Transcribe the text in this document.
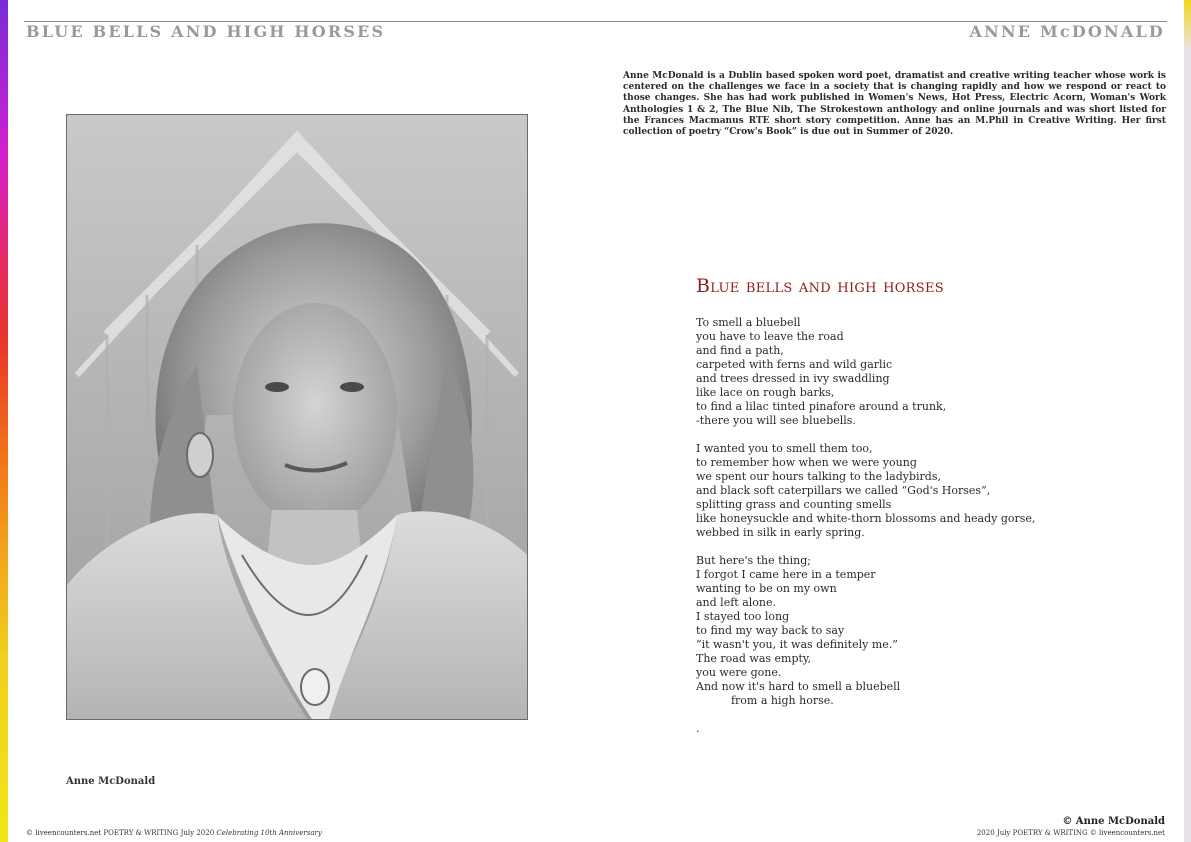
BLUE BELLS AND HIGH HORSES	ANNE McDONALD
Anne McDonald
Anne McDonald is a Dublin based spoken word poet, dramatist and creative writing teacher whose work is centered on the challenges we face in a society that is changing rapidly and how we respond or react to those changes. She has had work published in Women's News, Hot Press, Electric Acorn, Woman's Work Anthologies 1 & 2, The Blue Nib, The Strokestown anthology and online journals and was short listed for the Frances Macmanus RTE short story competition. Anne has an M.Phil in Creative Writing. Her first collection of poetry “Crow's Book” is due out in Summer of 2020.
Blue bells and high horses
To smell a bluebell
you have to leave the road
and find a path,
carpeted with ferns and wild garlic
and trees dressed in ivy swaddling
like lace on rough barks,
to find a lilac tinted pinafore around a trunk,
-there you will see bluebells.
I wanted you to smell them too,
to remember how when we were young
we spent our hours talking to the ladybirds,
and black soft caterpillars we called “God's Horses”,
splitting grass and counting smells
like honeysuckle and white-thorn blossoms and heady gorse,
webbed in silk in early spring.
But here's the thing;
I forgot I came here in a temper
wanting to be on my own
and left alone.
I stayed too long
to find my way back to say
“it wasn't you, it was definitely me.”
The road was empty,
you were gone.
And now it's hard to smell a bluebell
from a high horse.
.
© Anne McDonald
© liveencounters.net POETRY & WRITING July 2020 Celebrating 10th Anniversary	2020 July POETRY & WRITING © liveencounters.net
